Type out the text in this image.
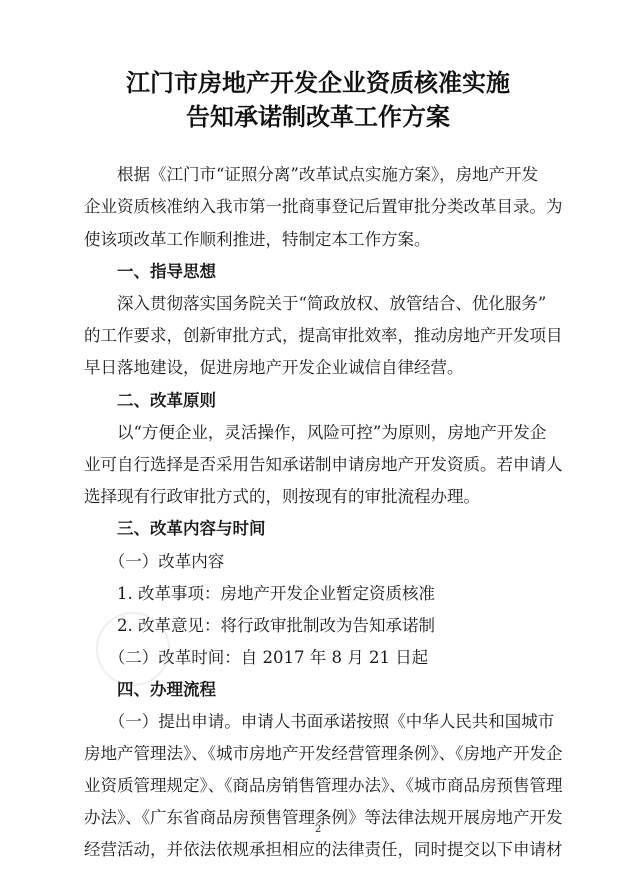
江门市房地产开发企业资质核准实施
告知承诺制改革工作方案
　　根据《江门市“证照分离”改革试点实施方案》，房地产开发
企业资质核准纳入我市第一批商事登记后置审批分类改革目录。为
使该项改革工作顺利推进，特制定本工作方案。
　　一、指导思想
　　深入贯彻落实国务院关于“简政放权、放管结合、优化服务”
的工作要求，创新审批方式，提高审批效率，推动房地产开发项目
早日落地建设，促进房地产开发企业诚信自律经营。
　　二、改革原则
　　以“方便企业，灵活操作，风险可控”为原则，房地产开发企
业可自行选择是否采用告知承诺制申请房地产开发资质。若申请人
选择现有行政审批方式的，则按现有的审批流程办理。
　　三、改革内容与时间
　　（一）改革内容
　　1. 改革事项：房地产开发企业暂定资质核准
　　2. 改革意见：将行政审批制改为告知承诺制
　　（二）改革时间：自 2017 年 8 月 21 日起
　　四、办理流程
　　（一）提出申请。申请人书面承诺按照《中华人民共和国城市
房地产管理法》、《城市房地产开发经营管理条例》、《房地产开发企
业资质管理规定》、《商品房销售管理办法》、《城市商品房预售管理
办法》、《广东省商品房预售管理条例》等法律法规开展房地产开发
经营活动，并依法依规承担相应的法律责任，同时提交以下申请材
2
